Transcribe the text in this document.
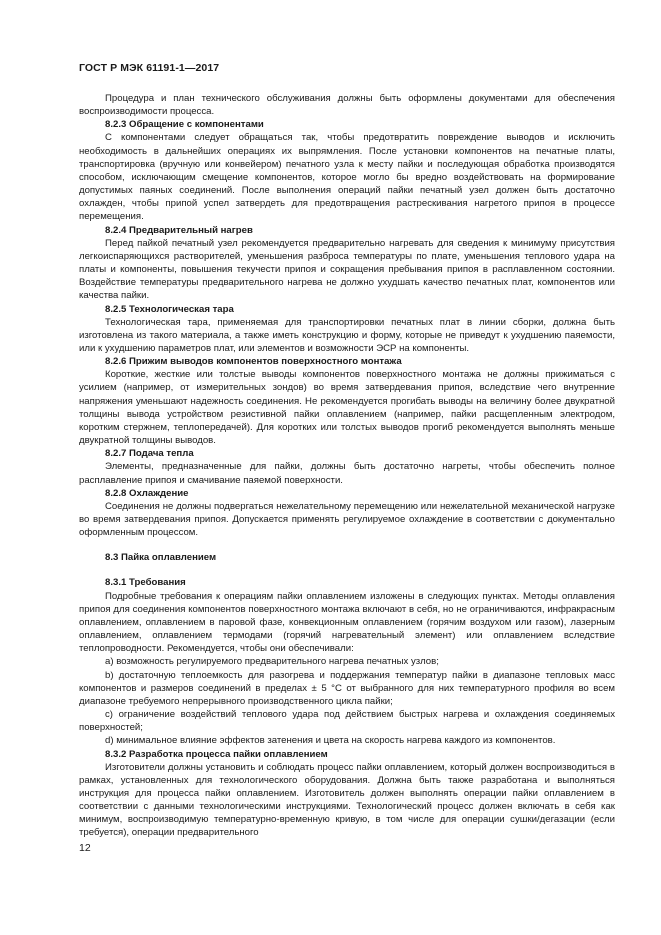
ГОСТ Р МЭК 61191-1—2017

Процедура и план технического обслуживания должны быть оформлены документами для обеспечения воспроизводимости процесса.

8.2.3 Обращение с компонентами

С компонентами следует обращаться так, чтобы предотвратить повреждение выводов и исключить необходимость в дальнейших операциях их выпрямления. После установки компонентов на печатные платы, транспортировка (вручную или конвейером) печатного узла к месту пайки и последующая обработка производятся способом, исключающим смещение компонентов, которое могло бы вредно воздействовать на формирование допустимых паяных соединений. После выполнения операций пайки печатный узел должен быть достаточно охлажден, чтобы припой успел затвердеть для предотвращения растрескивания нагретого припоя в процессе перемещения.

8.2.4 Предварительный нагрев

Перед пайкой печатный узел рекомендуется предварительно нагревать для сведения к минимуму присутствия легкоиспаряющихся растворителей, уменьшения разброса температуры по плате, уменьшения теплового удара на платы и компоненты, повышения текучести припоя и сокращения пребывания припоя в расплавленном состоянии. Воздействие температуры предварительного нагрева не должно ухудшать качество печатных плат, компонентов или качества пайки.

8.2.5 Технологическая тара

Технологическая тара, применяемая для транспортировки печатных плат в линии сборки, должна быть изготовлена из такого материала, а также иметь конструкцию и форму, которые не приведут к ухудшению паяемости, или к ухудшению параметров плат, или элементов и возможности ЭСР на компоненты.

8.2.6 Прижим выводов компонентов поверхностного монтажа

Короткие, жесткие или толстые выводы компонентов поверхностного монтажа не должны прижиматься с усилием (например, от измерительных зондов) во время затвердевания припоя, вследствие чего внутренние напряжения уменьшают надежность соединения. Не рекомендуется прогибать выводы на величину более двукратной толщины вывода устройством резистивной пайки оплавлением (например, пайки расщепленным электродом, коротким стержнем, теплопередачей). Для коротких или толстых выводов прогиб рекомендуется выполнять меньше двукратной толщины выводов.

8.2.7 Подача тепла

Элементы, предназначенные для пайки, должны быть достаточно нагреты, чтобы обеспечить полное расплавление припоя и смачивание паяемой поверхности.

8.2.8 Охлаждение

Соединения не должны подвергаться нежелательному перемещению или нежелательной механической нагрузке во время затвердевания припоя. Допускается применять регулируемое охлаждение в соответствии с документально оформленным процессом.

8.3 Пайка оплавлением

8.3.1 Требования

Подробные требования к операциям пайки оплавлением изложены в следующих пунктах. Методы оплавления припоя для соединения компонентов поверхностного монтажа включают в себя, но не ограничиваются, инфракрасным оплавлением, оплавлением в паровой фазе, конвекционным оплавлением (горячим воздухом или газом), лазерным оплавлением, оплавлением термодами (горячий нагревательный элемент) или оплавлением вследствие теплопроводности. Рекомендуется, чтобы они обеспечивали:

a) возможность регулируемого предварительного нагрева печатных узлов;

b) достаточную теплоемкость для разогрева и поддержания температур пайки в диапазоне тепловых масс компонентов и размеров соединений в пределах ± 5 °С от выбранного для них температурного профиля во всем диапазоне требуемого непрерывного производственного цикла пайки;

c) ограничение воздействий теплового удара под действием быстрых нагрева и охлаждения соединяемых поверхностей;

d) минимальное влияние эффектов затенения и цвета на скорость нагрева каждого из компонентов.

8.3.2 Разработка процесса пайки оплавлением

Изготовители должны установить и соблюдать процесс пайки оплавлением, который должен воспроизводиться в рамках, установленных для технологического оборудования. Должна быть также разработана и выполняться инструкция для процесса пайки оплавлением. Изготовитель должен выполнять операции пайки оплавлением в соответствии с данными технологическими инструкциями. Технологический процесс должен включать в себя как минимум, воспроизводимую температурно-временную кривую, в том числе для операции сушки/дегазации (если требуется), операции предварительного

12
